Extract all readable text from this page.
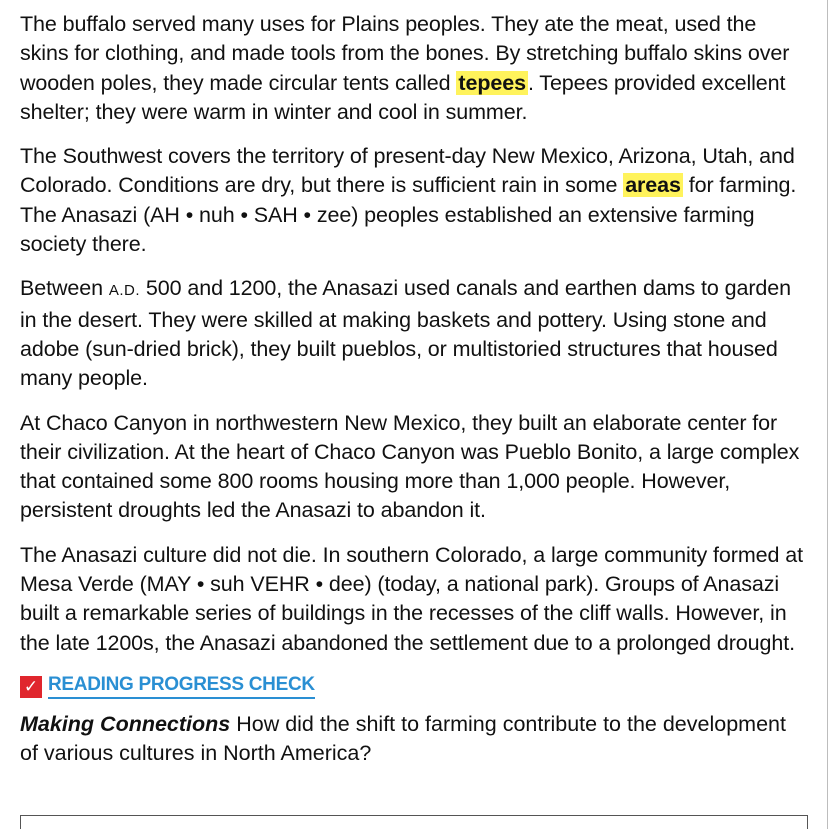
The buffalo served many uses for Plains peoples. They ate the meat, used the skins for clothing, and made tools from the bones. By stretching buffalo skins over wooden poles, they made circular tents called tepees. Tepees provided excellent shelter; they were warm in winter and cool in summer.

The Southwest covers the territory of present-day New Mexico, Arizona, Utah, and Colorado. Conditions are dry, but there is sufficient rain in some areas for farming. The Anasazi (AH • nuh • SAH • zee) peoples established an extensive farming society there.

Between A.D. 500 and 1200, the Anasazi used canals and earthen dams to garden in the desert. They were skilled at making baskets and pottery. Using stone and adobe (sun-dried brick), they built pueblos, or multistoried structures that housed many people.

At Chaco Canyon in northwestern New Mexico, they built an elaborate center for their civilization. At the heart of Chaco Canyon was Pueblo Bonito, a large complex that contained some 800 rooms housing more than 1,000 people. However, persistent droughts led the Anasazi to abandon it.

The Anasazi culture did not die. In southern Colorado, a large community formed at Mesa Verde (MAY • suh VEHR • dee) (today, a national park). Groups of Anasazi built a remarkable series of buildings in the recesses of the cliff walls. However, in the late 1200s, the Anasazi abandoned the settlement due to a prolonged drought.

✓ READING PROGRESS CHECK

Making Connections How did the shift to farming contribute to the development of various cultures in North America?
